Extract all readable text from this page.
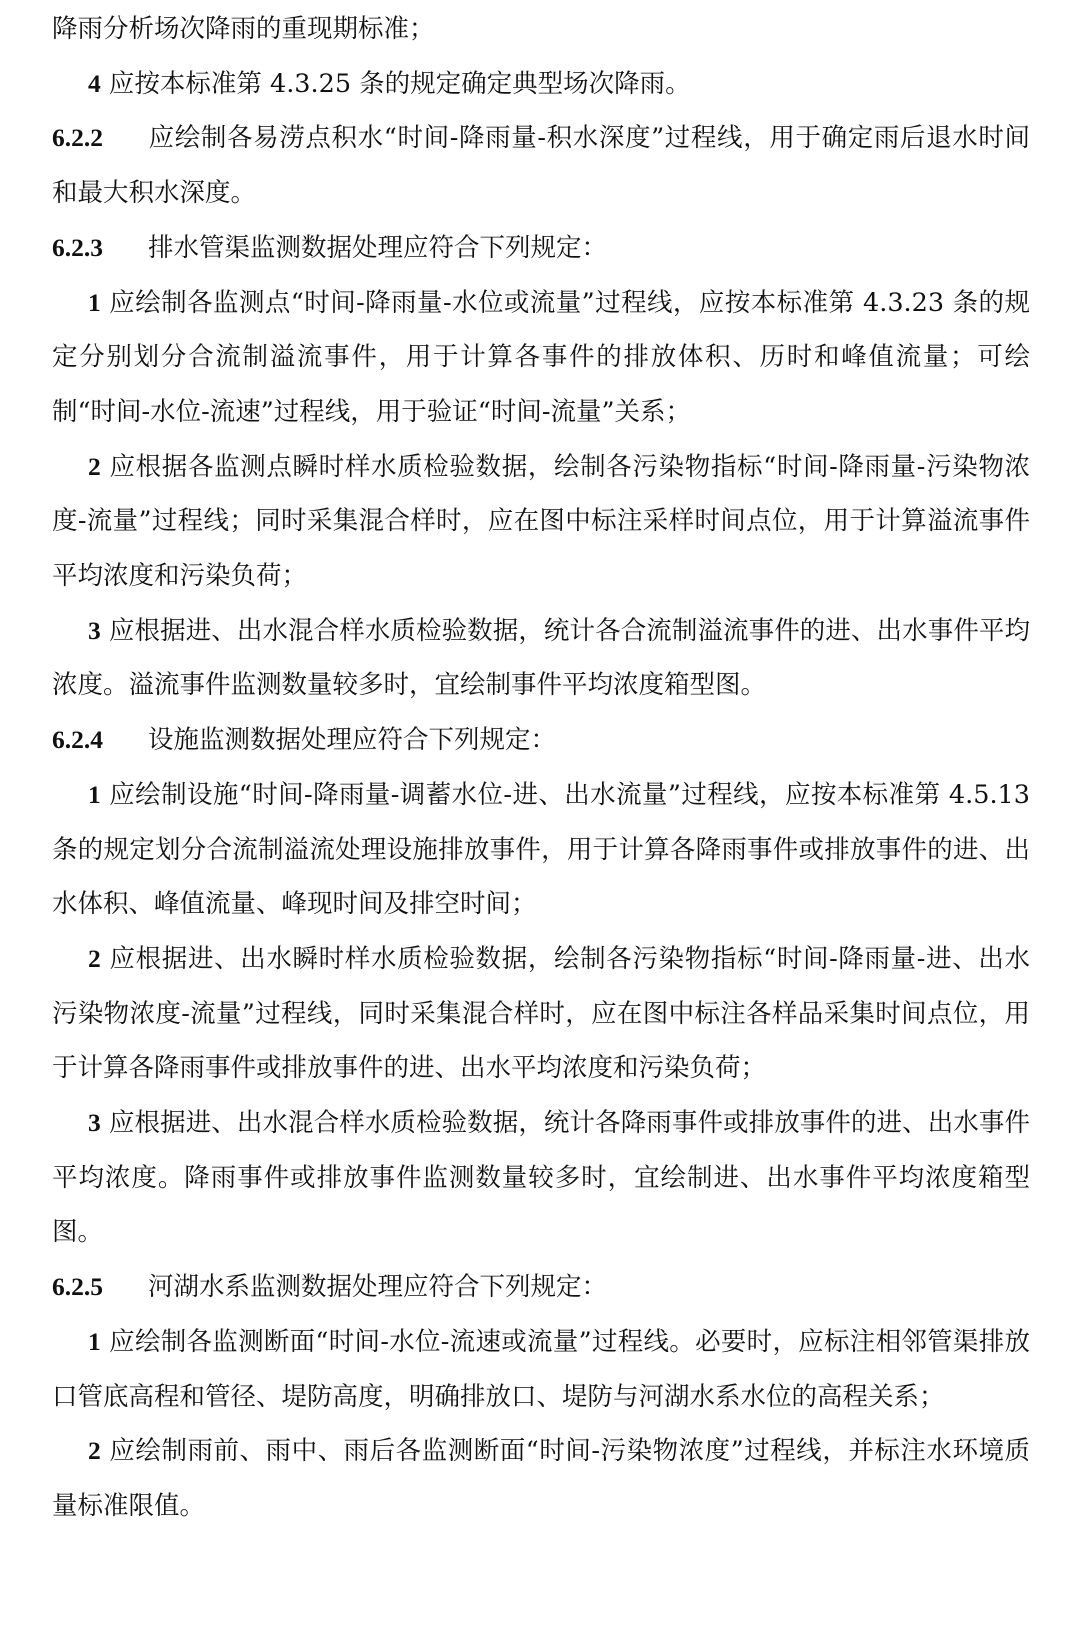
降雨分析场次降雨的重现期标准；

4 应按本标准第 4.3.25 条的规定确定典型场次降雨。

6.2.2 应绘制各易涝点积水“时间-降雨量-积水深度”过程线，用于确定雨后退水时间和最大积水深度。

6.2.3 排水管渠监测数据处理应符合下列规定：

1 应绘制各监测点“时间-降雨量-水位或流量”过程线，应按本标准第 4.3.23 条的规定分别划分合流制溢流事件，用于计算各事件的排放体积、历时和峰值流量；可绘制“时间-水位-流速”过程线，用于验证“时间-流量”关系；

2 应根据各监测点瞬时样水质检验数据，绘制各污染物指标“时间-降雨量-污染物浓度-流量”过程线；同时采集混合样时，应在图中标注采样时间点位，用于计算溢流事件平均浓度和污染负荷；

3 应根据进、出水混合样水质检验数据，统计各合流制溢流事件的进、出水事件平均浓度。溢流事件监测数量较多时，宜绘制事件平均浓度箱型图。

6.2.4 设施监测数据处理应符合下列规定：

1 应绘制设施“时间-降雨量-调蓄水位-进、出水流量”过程线，应按本标准第 4.5.13 条的规定划分合流制溢流处理设施排放事件，用于计算各降雨事件或排放事件的进、出水体积、峰值流量、峰现时间及排空时间；

2 应根据进、出水瞬时样水质检验数据，绘制各污染物指标“时间-降雨量-进、出水污染物浓度-流量”过程线，同时采集混合样时，应在图中标注各样品采集时间点位，用于计算各降雨事件或排放事件的进、出水平均浓度和污染负荷；

3 应根据进、出水混合样水质检验数据，统计各降雨事件或排放事件的进、出水事件平均浓度。降雨事件或排放事件监测数量较多时，宜绘制进、出水事件平均浓度箱型图。

6.2.5 河湖水系监测数据处理应符合下列规定：

1 应绘制各监测断面“时间-水位-流速或流量”过程线。必要时，应标注相邻管渠排放口管底高程和管径、堤防高度，明确排放口、堤防与河湖水系水位的高程关系；

2 应绘制雨前、雨中、雨后各监测断面“时间-污染物浓度”过程线，并标注水环境质量标准限值。
